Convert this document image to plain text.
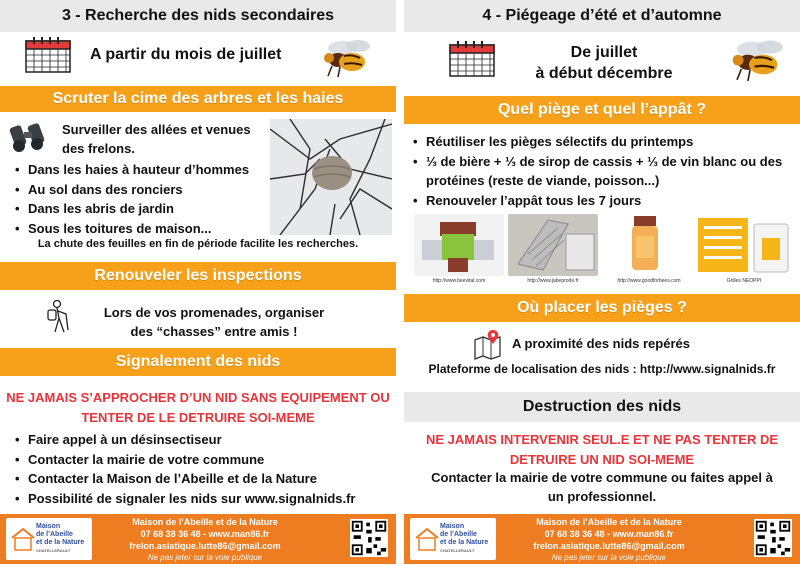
3 - Recherche des nids secondaires
A partir du mois de juillet
Scruter la cime des arbres et les haies
Surveiller des allées et venues
des frelons.
• Dans les haies à hauteur d’hommes
• Au sol dans des ronciers
• Dans les abris de jardin
• Sous les toitures de maison...
La chute des feuilles en fin de période facilite les recherches.
Renouveler les inspections
Lors de vos promenades, organiser
des “chasses” entre amis !
Signalement des nids
NE JAMAIS S’APPROCHER D’UN NID SANS EQUIPEMENT OU
TENTER DE LE DETRUIRE SOI-MEME
• Faire appel à un désinsectiseur
• Contacter la mairie de votre commune
• Contacter la Maison de l’Abeille et de la Nature
• Possibilité de signaler les nids sur www.signalnids.fr
Maison
de l’Abeille
et de la Nature
CHATELLERAULT
Maison de l’Abeille et de la Nature
07 68 38 36 48 - www.man86.fr
frelon.asiatique.lutte86@gmail.com
Ne pas jeter sur la voie publique
4 - Piégeage d’été et d’automne
De juillet
à début décembre
Quel piège et quel l’appât ?
• Réutiliser les pièges sélectifs du printemps
• ⅓ de bière + ⅓ de sirop de cassis + ⅓ de vin blanc ou des protéines (reste de viande, poisson...)
• Renouveler l’appât tous les 7 jours
http://www.beevital.com	http://www.jabeprode.fr	http://www.goodforbees.com	Grilles NEOPPI
Où placer les pièges ?
A proximité des nids repérés
Plateforme de localisation des nids : http://www.signalnids.fr
Destruction des nids
NE JAMAIS INTERVENIR SEUL.E ET NE PAS TENTER DE
DETRUIRE UN NID SOI-MEME
Contacter la mairie de votre commune ou faites appel à
un professionnel.
Maison
de l’Abeille
et de la Nature
CHATELLERAULT
Maison de l’Abeille et de la Nature
07 68 38 36 48 - www.man86.fr
frelon.asiatique.lutte86@gmail.com
Ne pas jeter sur la voie publique
